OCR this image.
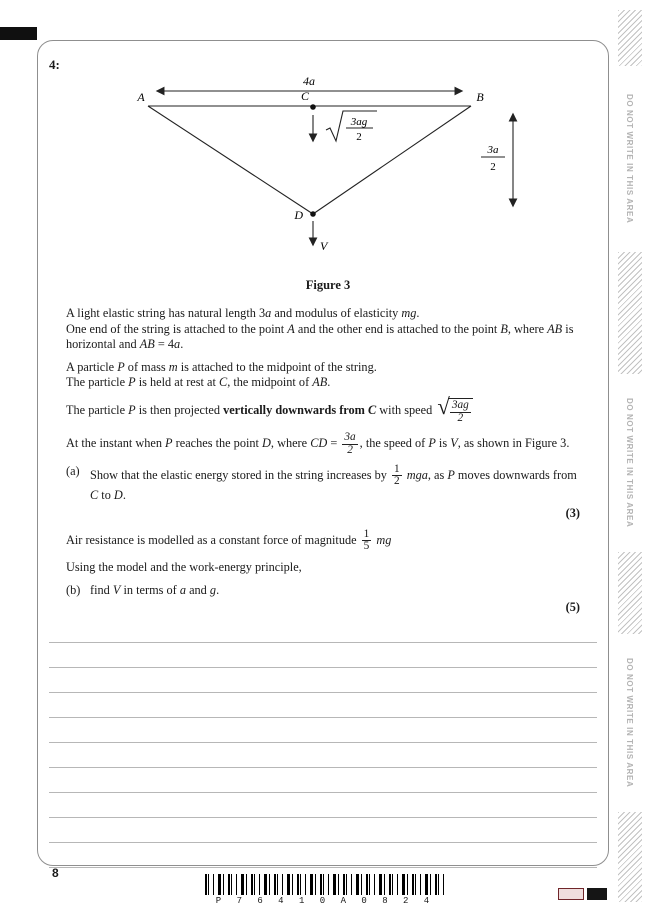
4:
4a
A	B
C
D
V
3ag
2
3a
2
Figure 3
A light elastic string has natural length 3a and modulus of elasticity mg.
One end of the string is attached to the point A and the other end is attached to the point B, where AB is horizontal and AB = 4a.
A particle P of mass m is attached to the midpoint of the string.
The particle P is held at rest at C, the midpoint of AB.
The particle P is then projected vertically downwards from C with speed √ $\frac{3ag}{2}$
At the instant when P reaches the point D, where CD = $\frac{3a}{2}$ , the speed of P is V, as shown in Figure 3.
(a) Show that the elastic energy stored in the string increases by $\frac{1}{2}$ mga, as P moves downwards from C to D.
(3)
Air resistance is modelled as a constant force of magnitude $\frac{1}{5}$ mg
Using the model and the work-energy principle,
(b) find V in terms of a and g.
(5)
8
P 7 6 4 1 0 A 0 8 2 4
DO NOT WRITE IN THIS AREA
DO NOT WRITE IN THIS AREA
DO NOT WRITE IN THIS AREA
